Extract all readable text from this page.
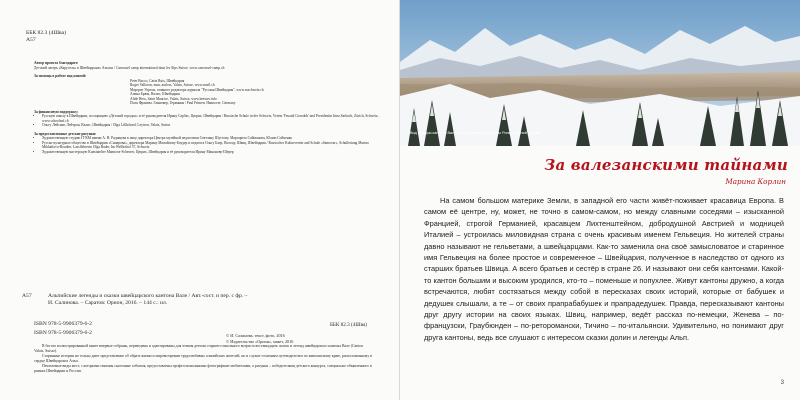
ББК 82.3 (4Шва)
А57
Автор проекта благодарит:
Детский лагерь «Карусель» в Швейцарских Альпах / Carrousel camp international dans les Alps Suisse, www.carrousel-camp.ch
За помощь в работе над книгой:
Peter Bucco, Carin Ruts, Швейцария
Roger Valloton, man, autlors, Valais, Suisse, www.nusfl.ch
Маргрит Уортон, главного редактора журнала "Русская Швейцария", www.ruschweiz.ch
Алина Брюн, Валис, Швейцария
Alide Hess, Saint Maurice, Valais, Suisse, www.bresses.info
Поля Франева, Ганновер, Германия / Paul Frimen, Hannover, Germany
За финансовую поддержку:
• Русскую школу в Швейцарии, ассоциацию «Детский городок» и её руководителя Ирину Сарбас, Цюрих, Швейцария / Russische Schule in der Schweiz, Verein 'Fawadi Gorodok' und Presidentin Irina Sarbach, Zürich, Schweiz, www.schooleaf.ch
• Ольгу Лейсинг, Лейтрон, Валис, Швейцария / Olga Lißhchard, Leytron, Valais, Suisse
За предоставленные детские рисунки:
• Художественную студию ГГКМ имени А. Н. Радищева в лице директора Центра музейной педагогики Светлану Шустову, Маргарита Саймонова, Юлию Сойченко
• Русско-культурное общество в Швейцарии «Самарова», директора Марину Михайлову-Боудер и педагога Ольгу Баер, Волоцу, Швиц, Швейцария / Russischer Kulturverein and Schule «Samovar», Schulleitung Marina Mikhailova-Boudier, Lassflehrerin Olga Bader, Im Wellitzhof 57, Schweiz
• Художественную мастерскую Kunstatelier Mannova-Scheorer, Цюрих, Швейцария и её руководителя Ирину Манонову-Шерер
А57	Альпийские легенды и сказки швейцарского кантона Вале / Авт.-сост. и пер. с фр. –
И. Салинова. – Саратов: Орион, 2016. – 144 с.: ил.
ISBN 978-5-9906379-6-2
В богато иллюстрированной книге впервые собраны, переведены и адаптированы для чтения детьми старшего школьного возраста восемнадцать сказок и легенд швейцарского кантона Вале (Canton Valais, Suisse).
Старинные истории не только дают представление об образе жизни и мировоззрении трудолюбивых альпийских жителей, но и служат отличным путеводителем по живописному краю, расположенному в сердце Швейцарских Альп.
Печатаемые виды мест, с которыми связаны сказочные события, предоставлены профессиональными фотографами-любителями, а рисунки – победителями детского конкурса, специально объявленного в рамках Швейцарии и России.
ББК 82.3 (4Шва)
ISBN 978-5-9906379-6-2	© И. Салинова, текст, фото, 2016
© Издательство «Орион», макет, 2016
Вид на горы кантона Вале по направлению долины Роны. Зимний пейзаж
За валезанскими тайнами
Марина Корлин

На самом большом материке Земли, в западной его части живёт-поживает красавица Европа. В самом её центре, ну, может, не точно в самом-самом, но между славными соседями – изысканной Францией, строгой Германией, красавцем Лихтенштейном, добродушной Австрией и модницей Италией – устроилась миловидная страна с очень красивым именем Гельвеция. Но жителей страны давно называют не гельветами, а швейцарцами. Как-то заменила она своё замысловатое и старинное имя Гельвеция на более простое и современное – Швейцария, полученное в наследство от одного из старших братьев Швица. А всего братьев и сестёр в стране 26. И называют они себя кантонами. Какой-то кантон большим и высоким уродился, кто-то – поменьше и попухлее. Живут кантоны дружно, а когда встречаются, любят состязаться между собой в пересказах своих историй, которые от бабушек и дедушек слышали, а те – от своих прапрабабушек и прапрадедушек. Правда, пересказывают кантоны друг другу истории на своих языках. Швиц, например, ведёт рассказ по-немецки, Женева – по-французски, Граубюнден – по-ретороманcки, Тичино – по-итальянски. Удивительно, но понимают друг друга кантоны, ведь все слушают с интересом сказки долин и легенды Альп.

3
